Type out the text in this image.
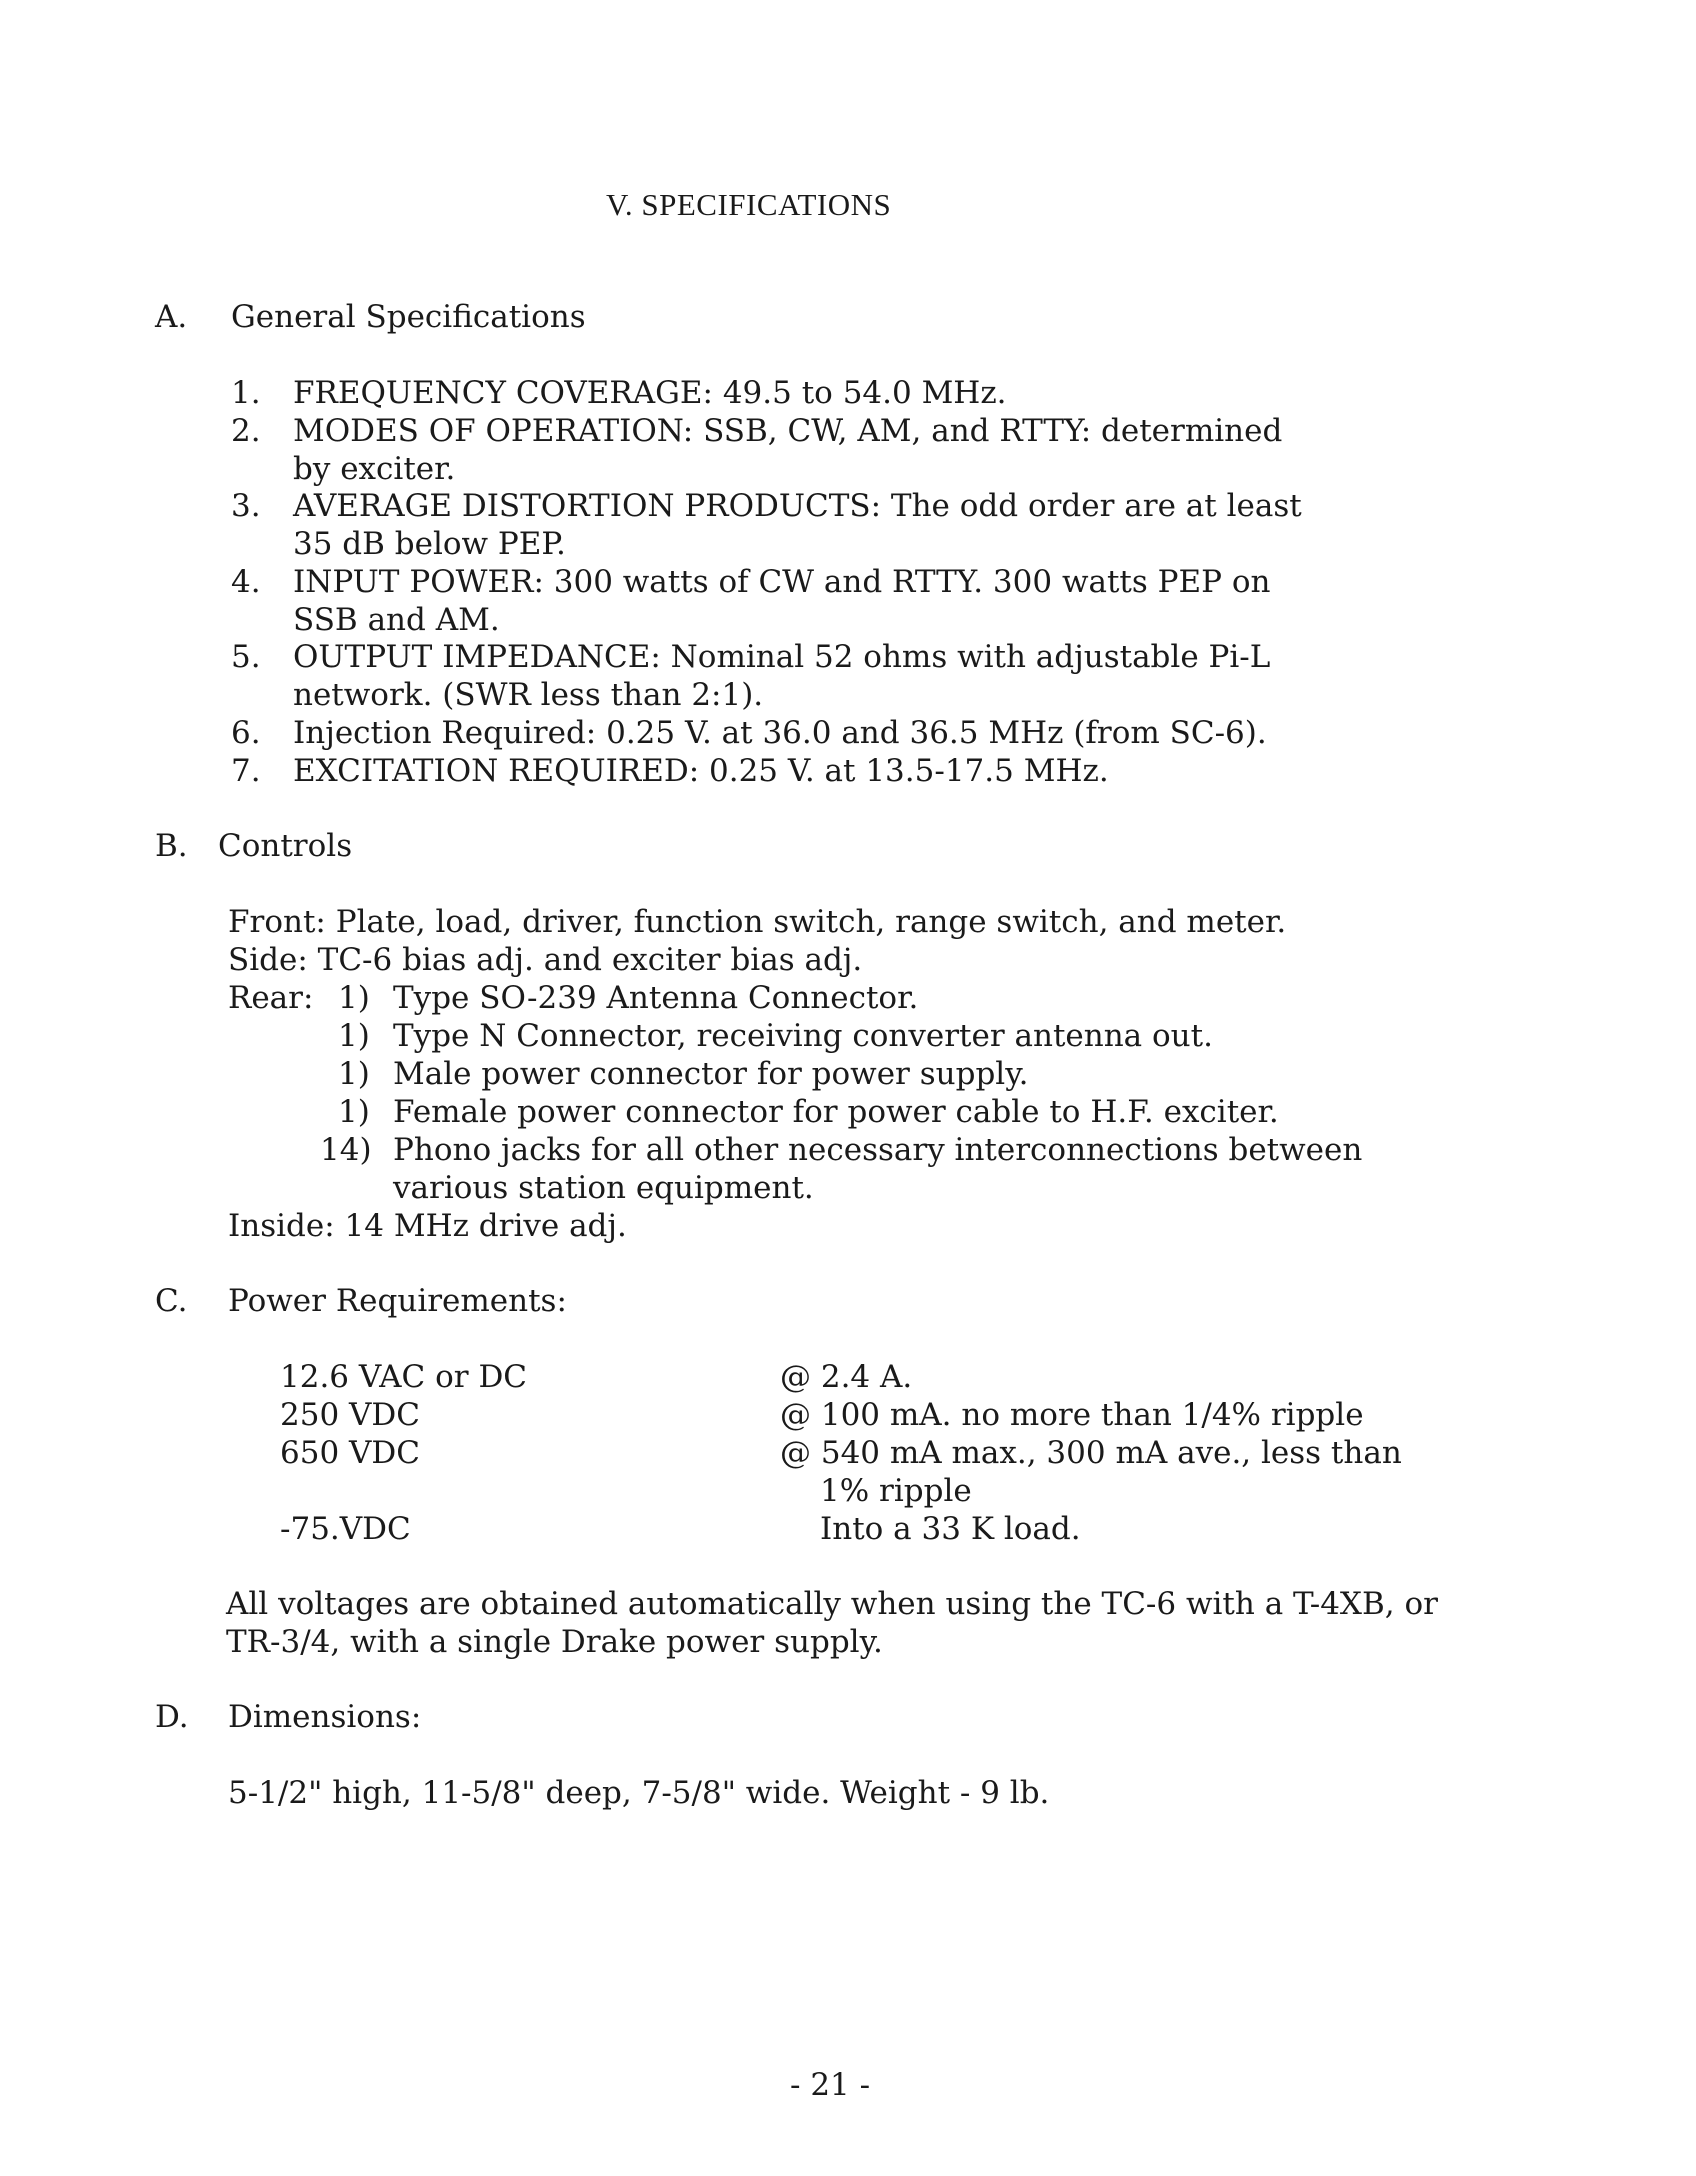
V. SPECIFICATIONS
A. General Specifications
1. FREQUENCY COVERAGE: 49.5 to 54.0 MHz.
2. MODES OF OPERATION: SSB, CW, AM, and RTTY: determined
by exciter.
3. AVERAGE DISTORTION PRODUCTS: The odd order are at least
35 dB below PEP.
4. INPUT POWER: 300 watts of CW and RTTY. 300 watts PEP on
SSB and AM.
5. OUTPUT IMPEDANCE: Nominal 52 ohms with adjustable Pi-L
network. (SWR less than 2:1).
6. Injection Required: 0.25 V. at 36.0 and 36.5 MHz (from SC-6).
7. EXCITATION REQUIRED: 0.25 V. at 13.5-17.5 MHz.
B. Controls
Front: Plate, load, driver, function switch, range switch, and meter.
Side: TC-6 bias adj. and exciter bias adj.
Rear: 1) Type SO-239 Antenna Connector.
1) Type N Connector, receiving converter antenna out.
1) Male power connector for power supply.
1) Female power connector for power cable to H.F. exciter.
14) Phono jacks for all other necessary interconnections between
various station equipment.
Inside: 14 MHz drive adj.
C. Power Requirements:
12.6 VAC or DC	@ 2.4 A.
250 VDC	@ 100 mA. no more than 1/4% ripple
650 VDC	@ 540 mA max., 300 mA ave., less than
1% ripple
-75.VDC	Into a 33 K load.
All voltages are obtained automatically when using the TC-6 with a T-4XB, or
TR-3/4, with a single Drake power supply.
D. Dimensions:
5-1/2" high, 11-5/8" deep, 7-5/8" wide. Weight - 9 lb.
- 21 -
